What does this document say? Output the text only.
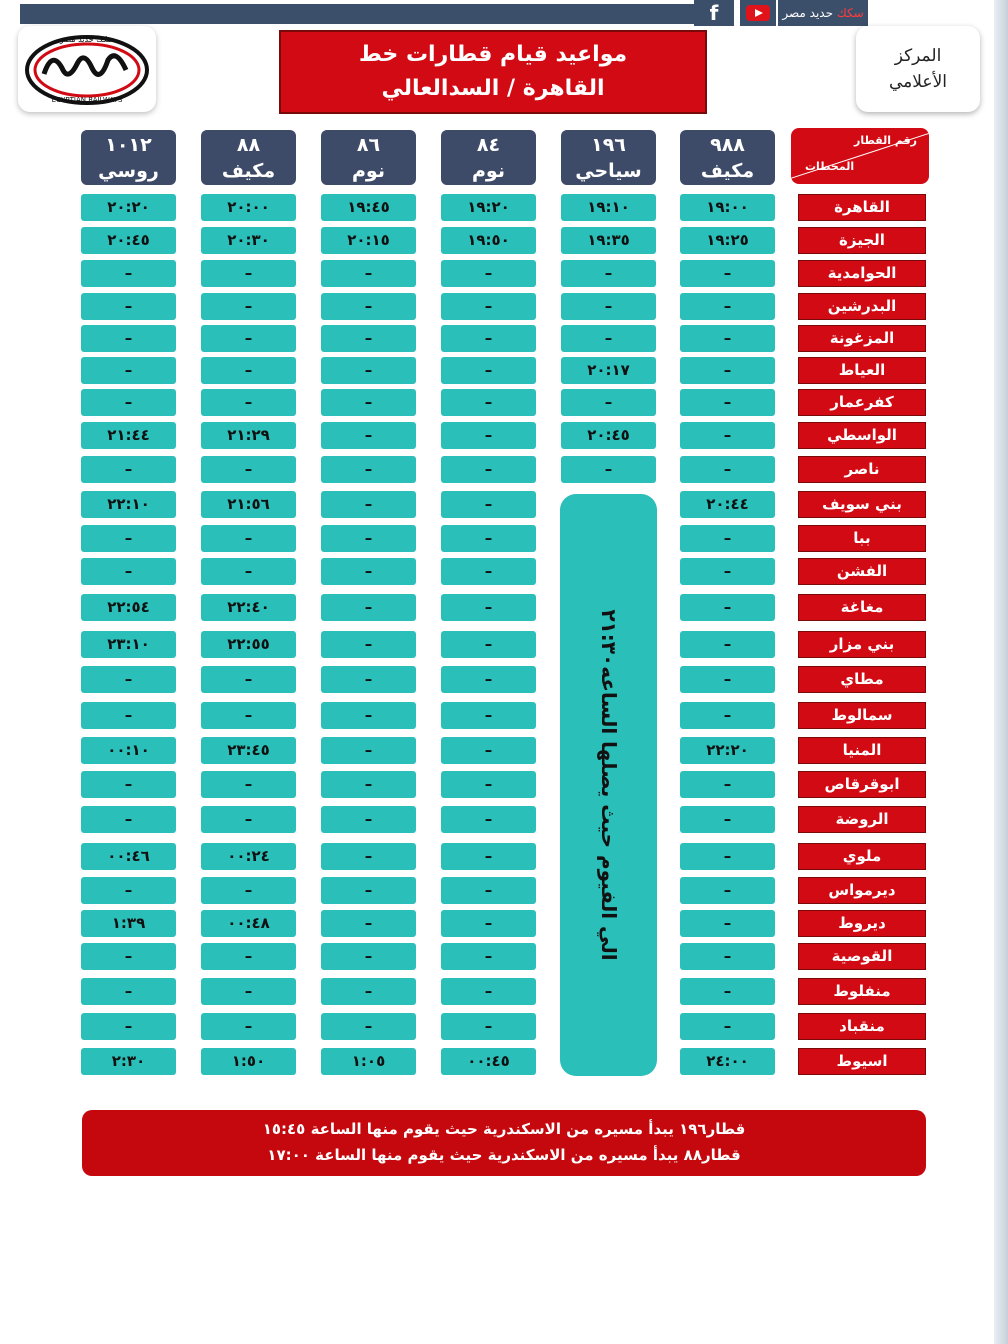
f	سكك

حديد مصر
سكك حديد مصر
EGYPTIAN RAILWAYS
مواعيد قيام قطارات خط
القاهرة / السدالعالي
المركز
الأعلامي
رقم القطار
المحطات
٩٨٨
مكيف
١٩٦
سياحي
٨٤
نوم
٨٦
نوم
٨٨
مكيف
١٠١٢
روسي
القاهرة
١٩:٠٠
١٩:١٠
١٩:٢٠
١٩:٤٥
٢٠:٠٠
٢٠:٢٠
الجيزة
١٩:٢٥
١٩:٣٥
١٩:٥٠
٢٠:١٥
٢٠:٣٠
٢٠:٤٥
الحوامدية
–
–
–
–
–
–
البدرشين
–
–
–
–
–
–
المزغونة
–
–
–
–
–
–
العياط
–
٢٠:١٧
–
–
–
–
كفرعمار
–
–
–
–
–
–
الواسطي
–
٢٠:٤٥
–
–
٢١:٢٩
٢١:٤٤
ناصر
–
–
–
–
–
–
بني سويف
٢٠:٤٤
–
–
٢١:٥٦
٢٢:١٠
ببا
–
–
–
–
–
الفشن
–
–
–
–
–
مغاغة
–
–
–
٢٢:٤٠
٢٢:٥٤
بني مزار
–
–
–
٢٢:٥٥
٢٣:١٠
مطاي
–
–
–
–
–
سمالوط
–
–
–
–
–
المنيا
٢٢:٢٠
–
–
٢٣:٤٥
٠٠:١٠
ابوقرقاص
–
–
–
–
–
الروضة
–
–
–
–
–
ملوي
–
–
–
٠٠:٢٤
٠٠:٤٦
ديرمواس
–
–
–
–
–
ديروط
–
–
–
٠٠:٤٨
١:٣٩
القوصية
–
–
–
–
–
منفلوط
–
–
–
–
–
منقباد
–
–
–
–
–
اسيوط
٢٤:٠٠
٠٠:٤٥
١:٠٥
١:٥٠
٢:٣٠
الي الفيوم حيث يصلها الساعه٢١:٣٠
قطار١٩٦ يبدأ مسيره من الاسكندرية حيث يقوم منها الساعة ١٥:٤٥
قطار٨٨ يبدأ مسيره من الاسكندرية حيث يقوم منها الساعة ١٧:٠٠
